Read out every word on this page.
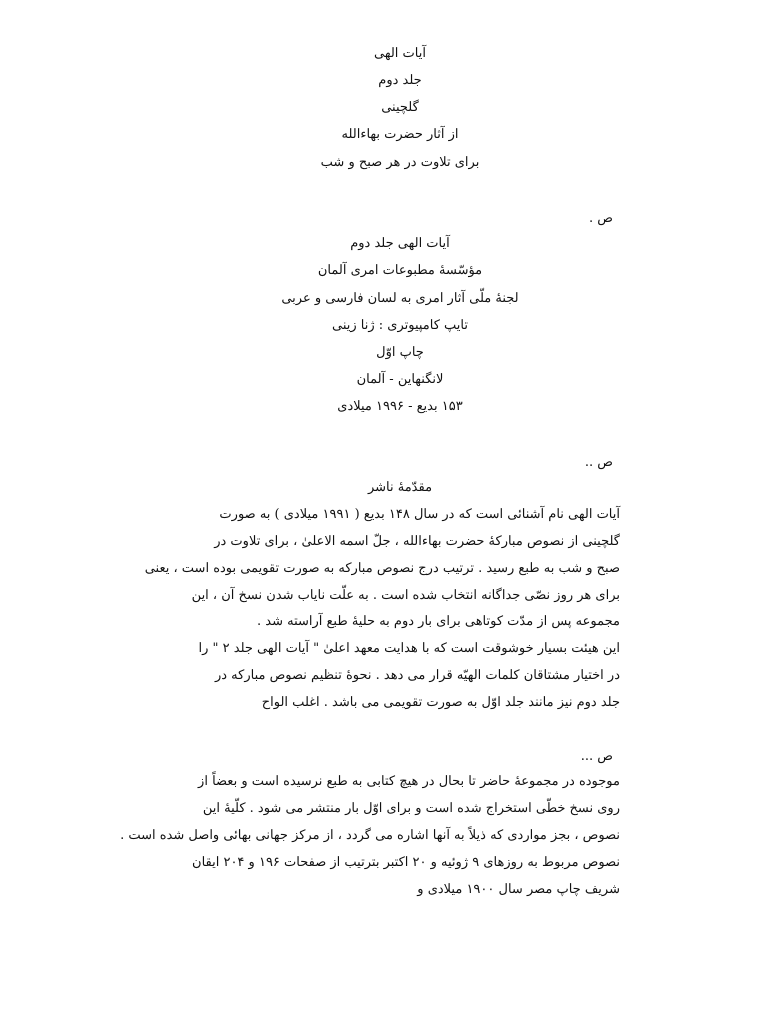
آیات الهی
جلد دوم
گلچینی
از آثار حضرت بهاءالله
برای تلاوت در هر صبح و شب
ص .
آیات الهی جلد دوم
مؤسّسهٔ مطبوعات امری آلمان
لجنهٔ ملّی آثار امری به لسان فارسی و عربی
تایپ کامپیوتری : ژنا زینی
چاپ اوّل
لانگنهاین - آلمان
۱۵۳ بدیع - ۱۹۹۶ میلادی
ص ..
مقدّمهٔ ناشر
آیات الهی نام آشنائی است که در سال ۱۴۸ بدیع ( ۱۹۹۱ میلادی ) به صورت
گلچینی از نصوص مبارکهٔ حضرت بهاءالله ، جلّ اسمه الاعلیٰ ، برای تلاوت در
صبح و شب به طبع رسید . ترتیب درج نصوص مبارکه به صورت تقویمی بوده است ، یعنی
برای هر روز نصّی جداگانه انتخاب شده است . به علّت نایاب شدن نسخ آن ، این
مجموعه پس از مدّت کوتاهی برای بار دوم به حلیهٔ طبع آراسته شد .
این هیئت بسیار خوشوقت است که با هدایت معهد اعلیٰ " آیات الهی جلد ۲ " را
در اختیار مشتاقان کلمات الهیّه قرار می دهد . نحوهٔ تنظیم نصوص مبارکه در
جلد دوم نیز مانند جلد اوّل به صورت تقویمی می باشد . اغلب الواح
ص ...
موجوده در مجموعهٔ حاضر تا بحال در هیچ کتابی به طبع نرسیده است و بعضاً از
روی نسخ خطّی استخراج شده است و برای اوّل بار منتشر می شود . کلّیهٔ این
نصوص ، بجز مواردی که ذیلاً به آنها اشاره می گردد ، از مرکز جهانی بهائی واصل شده است .
نصوص مربوط به روزهای ۹ ژوئیه و ۲۰ اکتبر بترتیب از صفحات ۱۹۶ و ۲۰۴ ایقان
شریف چاپ مصر سال ۱۹۰۰ میلادی و
